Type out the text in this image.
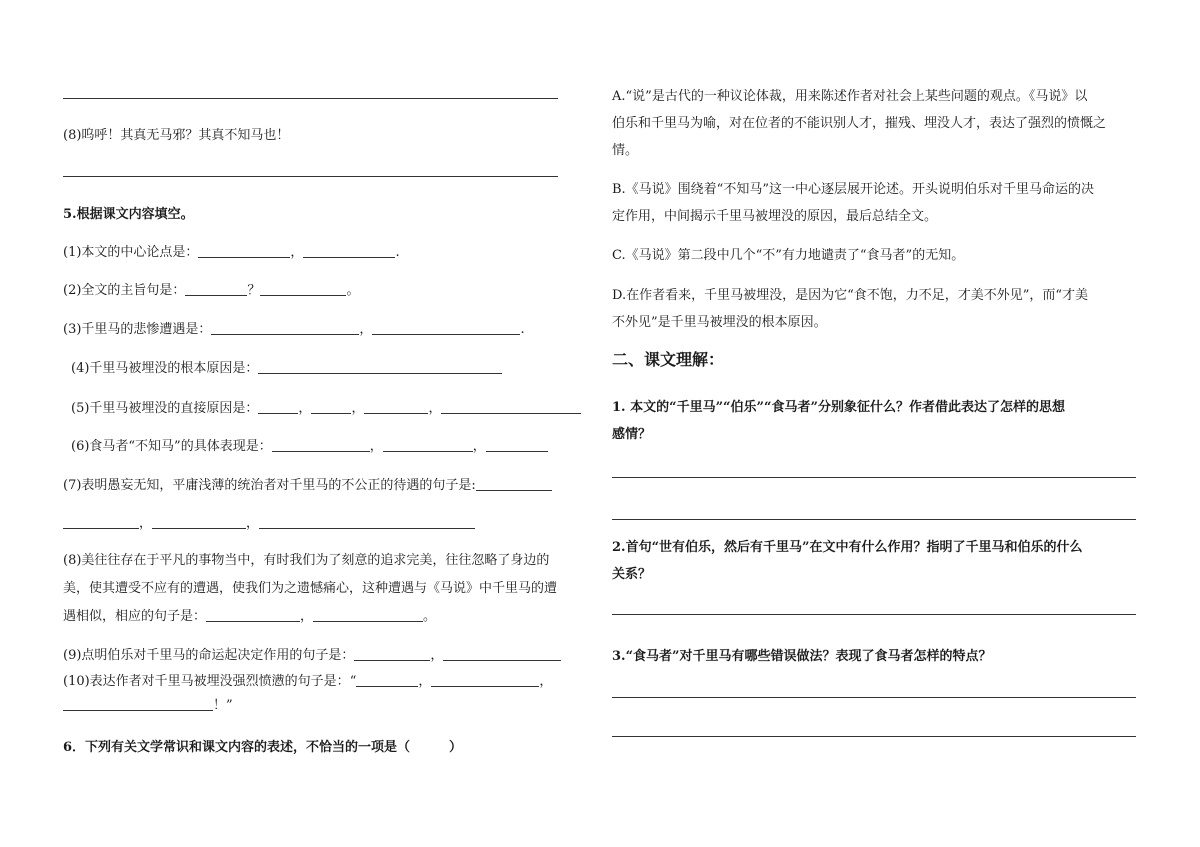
(8)呜呼！其真无马邪？其真不知马也！
5.根据课文内容填空。
(1)本文的中心论点是：	，	.
(2)全文的主旨句是：	？	。
(3)千里马的悲惨遭遇是：	，	.
(4)千里马被埋没的根本原因是：
(5)千里马被埋没的直接原因是：	，	，	，
(6)食马者“不知马”的具体表现是：	，	，
(7)表明愚妄无知，平庸浅薄的统治者对千里马的不公正的待遇的句子是:
，	，
(8)美往往存在于平凡的事物当中，有时我们为了刻意的追求完美，往往忽略了身边的
美，使其遭受不应有的遭遇，使我们为之遗憾痛心，这种遭遇与《马说》中千里马的遭
遇相似，相应的句子是：	，	。
(9)点明伯乐对千里马的命运起决定作用的句子是：	，
(10)表达作者对千里马被埋没强烈愤懑的句子是：“	，	，
！”
6．下列有关文学常识和课文内容的表述，不恰当的一项是（　　　）
A.“说”是古代的一种议论体裁，用来陈述作者对社会上某些问题的观点。《马说》以
伯乐和千里马为喻，对在位者的不能识别人才，摧残、埋没人才，表达了强烈的愤慨之
情。
B.《马说》围绕着“不知马”这一中心逐层展开论述。开头说明伯乐对千里马命运的决
定作用，中间揭示千里马被埋没的原因，最后总结全文。
C.《马说》第二段中几个“不”有力地谴责了“食马者”的无知。
D.在作者看来，千里马被埋没，是因为它“食不饱，力不足，才美不外见”，而“才美
不外见”是千里马被埋没的根本原因。
二、课文理解：
1. 本文的“千里马”“伯乐”“食马者”分别象征什么？作者借此表达了怎样的思想
感情？
2.首句“世有伯乐，然后有千里马”在文中有什么作用？指明了千里马和伯乐的什么
关系？
3.“食马者”对千里马有哪些错误做法？表现了食马者怎样的特点？
